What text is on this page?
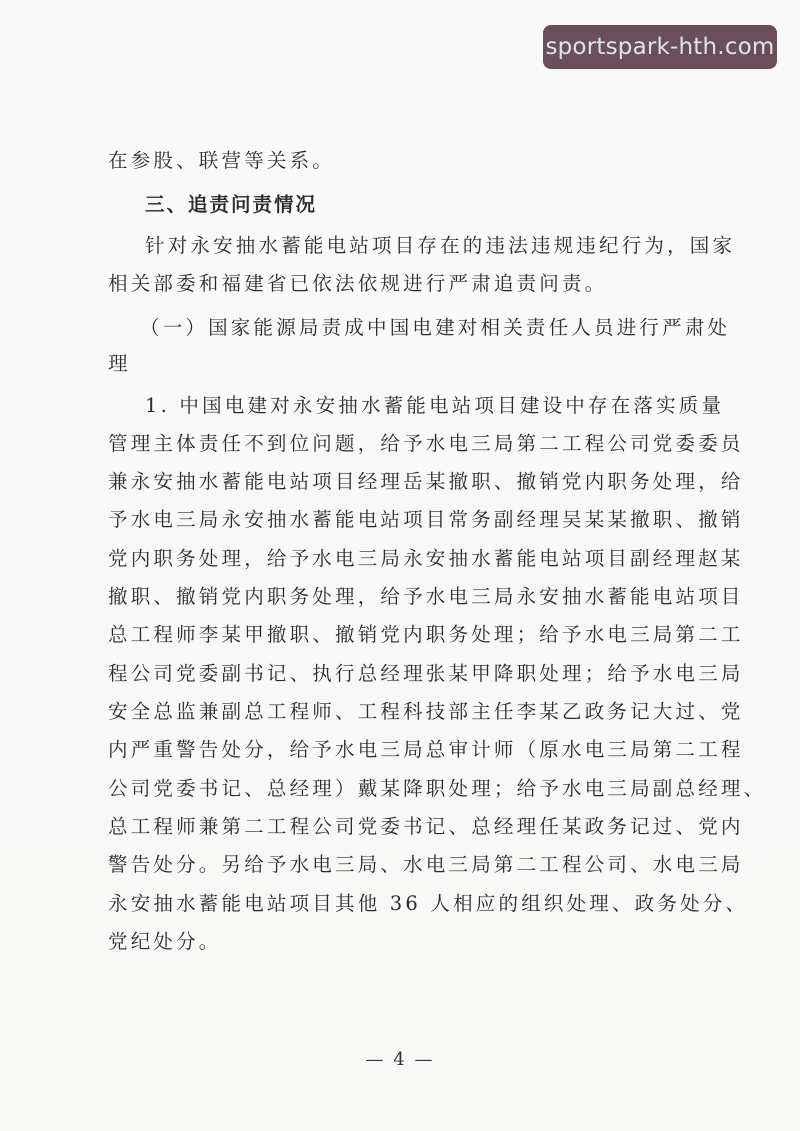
sportspark-hth.com
在参股、联营等关系。
三、追责问责情况
针对永安抽水蓄能电站项目存在的违法违规违纪行为，国家
相关部委和福建省已依法依规进行严肃追责问责。
（一）国家能源局责成中国电建对相关责任人员进行严肃处
理
1. 中国电建对永安抽水蓄能电站项目建设中存在落实质量
管理主体责任不到位问题，给予水电三局第二工程公司党委委员
兼永安抽水蓄能电站项目经理岳某撤职、撤销党内职务处理，给
予水电三局永安抽水蓄能电站项目常务副经理吴某某撤职、撤销
党内职务处理，给予水电三局永安抽水蓄能电站项目副经理赵某
撤职、撤销党内职务处理，给予水电三局永安抽水蓄能电站项目
总工程师李某甲撤职、撤销党内职务处理；给予水电三局第二工
程公司党委副书记、执行总经理张某甲降职处理；给予水电三局
安全总监兼副总工程师、工程科技部主任李某乙政务记大过、党
内严重警告处分，给予水电三局总审计师（原水电三局第二工程
公司党委书记、总经理）戴某降职处理；给予水电三局副总经理、
总工程师兼第二工程公司党委书记、总经理任某政务记过、党内
警告处分。另给予水电三局、水电三局第二工程公司、水电三局
永安抽水蓄能电站项目其他 36 人相应的组织处理、政务处分、
党纪处分。
— 4 —
